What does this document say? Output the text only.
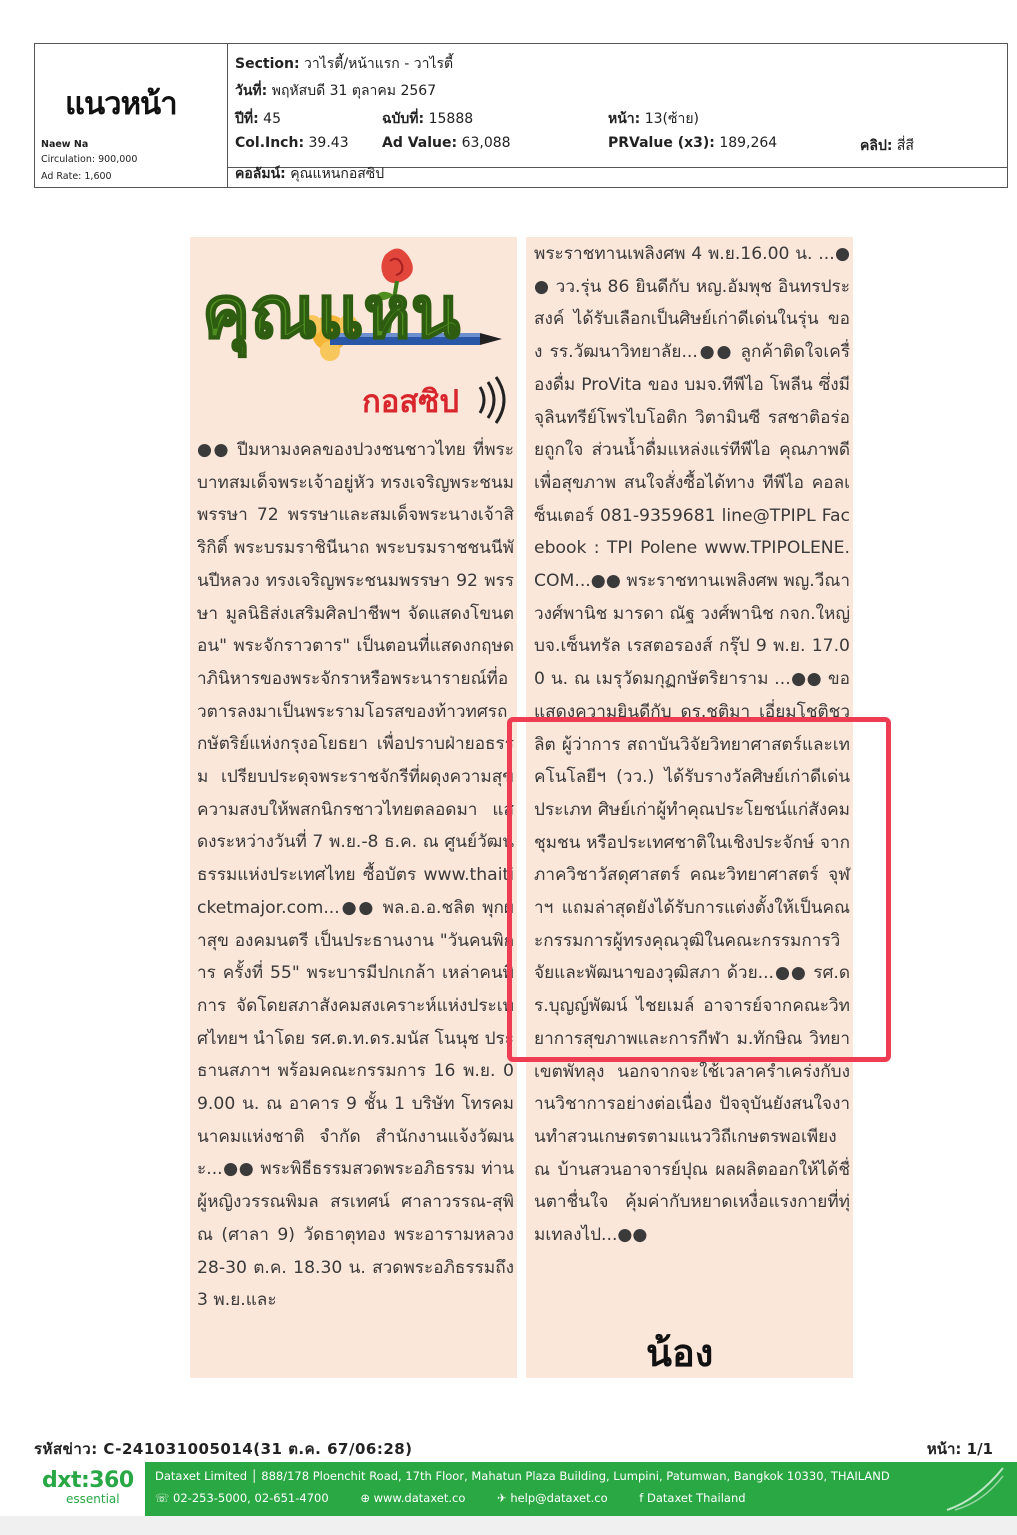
แนวหน้า
Naew Na
Circulation: 900,000
Ad Rate: 1,600
Section: วาไรตี้/หน้าแรก - วาไรตี้
วันที่: พฤหัสบดี 31 ตุลาคม 2567
ปีที่: 45	ฉบับที่: 15888	หน้า: 13(ซ้าย)
Col.Inch: 39.43 Ad Value: 63,088	PRValue (x3): 189,264	คลิป: สี่สี
คอลัมน์: คุณแหนกอสซิป
คุณแหน
กอสซิป

●● ปีมหามงคลของปวงชนชาวไทย ที่พระบาทสมเด็จพระเจ้าอยู่หัว ทรงเจริญพระชนมพรรษา 72 พรรษาและสมเด็จพระนางเจ้าสิริกิติ์ พระบรมราชินีนาถ พระบรมราชชนนีพันปีหลวง ทรงเจริญพระชนมพรรษา 92 พรรษา มูลนิธิส่งเสริมศิลปาชีพฯ จัดแสดงโขนตอน" พระจักราวตาร" เป็นตอนที่แสดงกฤษดาภินิหารของพระจักราหรือพระนารายณ์ที่อวตารลงมาเป็นพระรามโอรสของท้าวทศรถ กษัตริย์แห่งกรุงอโยธยา เพื่อปราบฝ่ายอธรรม เปรียบประดุจพระราชจักรีที่ผดุงความสุขความสงบให้พสกนิกรชาวไทยตลอดมา แสดงระหว่างวันที่ 7 พ.ย.-8 ธ.ค. ณ ศูนย์วัฒนธรรมแห่งประเทศไทย ซื้อบัตร www.thaiticketmajor.com...●● พล.อ.อ.ชลิต พุกผาสุข องคมนตรี เป็นประธานงาน "วันคนพิการ ครั้งที่ 55" พระบารมีปกเกล้า เหล่าคนพิการ จัดโดยสภาสังคมสงเคราะห์แห่งประเทศไทยฯ นำโดย รศ.ต.ท.ดร.มนัส โนนุช ประธานสภาฯ พร้อมคณะกรรมการ 16 พ.ย. 09.00 น. ณ อาคาร 9 ชั้น 1 บริษัท โทรคมนาคมแห่งชาติ จำกัด สำนักงานแจ้งวัฒนะ...●● พระพิธีธรรมสวดพระอภิธรรม ท่านผู้หญิงวรรณพิมล สรเทศน์ ศาลาวรรณ-สุพิณ (ศาลา 9) วัดธาตุทอง พระอารามหลวง 28-30 ต.ค. 18.30 น. สวดพระอภิธรรมถึง 3 พ.ย.และ

พระราชทานเพลิงศพ 4 พ.ย.16.00 น. ...●● วว.รุ่น 86 ยินดีกับ หญ.อัมพุช อินทรประสงค์ ได้รับเลือกเป็นศิษย์เก่าดีเด่นในรุ่น ของ รร.วัฒนาวิทยาลัย...●● ลูกค้าติดใจเครื่องดื่ม ProVita ของ บมจ.ทีพีไอ โพลีน ซึ่งมีจุลินทรีย์โพรไบโอติก วิตามินซี รสชาติอร่อยถูกใจ ส่วนน้ำดื่มแหล่งแร่ทีพีไอ คุณภาพดีเพื่อสุขภาพ สนใจสั่งซื้อได้ทาง ทีพีไอ คอลเซ็นเตอร์ 081-9359681 line@TPIPL Facebook : TPI Polene www.TPIPOLENE.COM...●● พระราชทานเพลิงศพ พญ.วีณา วงศ์พานิช มารดา ณัฐ วงศ์พานิช กจก.ใหญ่ บจ.เซ็นทรัล เรสตอรองส์ กรุ๊ป 9 พ.ย. 17.00 น. ณ เมรุวัดมกุฏกษัตริยาราม ...●● ขอแสดงความยินดีกับ ดร.ชุติมา เอี่ยมโชติชวลิต ผู้ว่าการ สถาบันวิจัยวิทยาศาสตร์และเทคโนโลยีฯ (วว.) ได้รับรางวัลศิษย์เก่าดีเด่น ประเภท ศิษย์เก่าผู้ทำคุณประโยชน์แก่สังคม ชุมชน หรือประเทศชาติในเชิงประจักษ์ จากภาควิชาวัสดุศาสตร์ คณะวิทยาศาสตร์ จุฬาฯ แถมล่าสุดยังได้รับการแต่งตั้งให้เป็นคณะกรรมการผู้ทรงคุณวุฒิในคณะกรรมการวิจัยและพัฒนาของวุฒิสภา ด้วย...●● รศ.ดร.บุญญ์พัฒน์ ไชยเมล์ อาจารย์จากคณะวิทยาการสุขภาพและการกีฬา ม.ทักษิณ วิทยาเขตพัทลุง นอกจากจะใช้เวลาคร่ำเคร่งกับงานวิชาการอย่างต่อเนื่อง ปัจจุบันยังสนใจงานทำสวนเกษตรตามแนววิถีเกษตรพอเพียง ณ บ้านสวนอาจารย์ปุณ ผลผลิตออกให้ได้ชื่นตาชื่นใจ คุ้มค่ากับหยาดเหงื่อแรงกายที่ทุ่มเทลงไป...●●

น้อง
รหัสข่าว: C-241031005014(31 ต.ค. 67/06:28)	หน้า: 1/1
dxt:360
essential
Dataxet Limited │ 888/178 Ploenchit Road, 17th Floor, Mahatun Plaza Building, Lumpini, Patumwan, Bangkok 10330, THAILAND
☏ 02-253-5000, 02-651-4700	⊕ www.dataxet.co	✈ help@dataxet.co	f Dataxet Thailand
